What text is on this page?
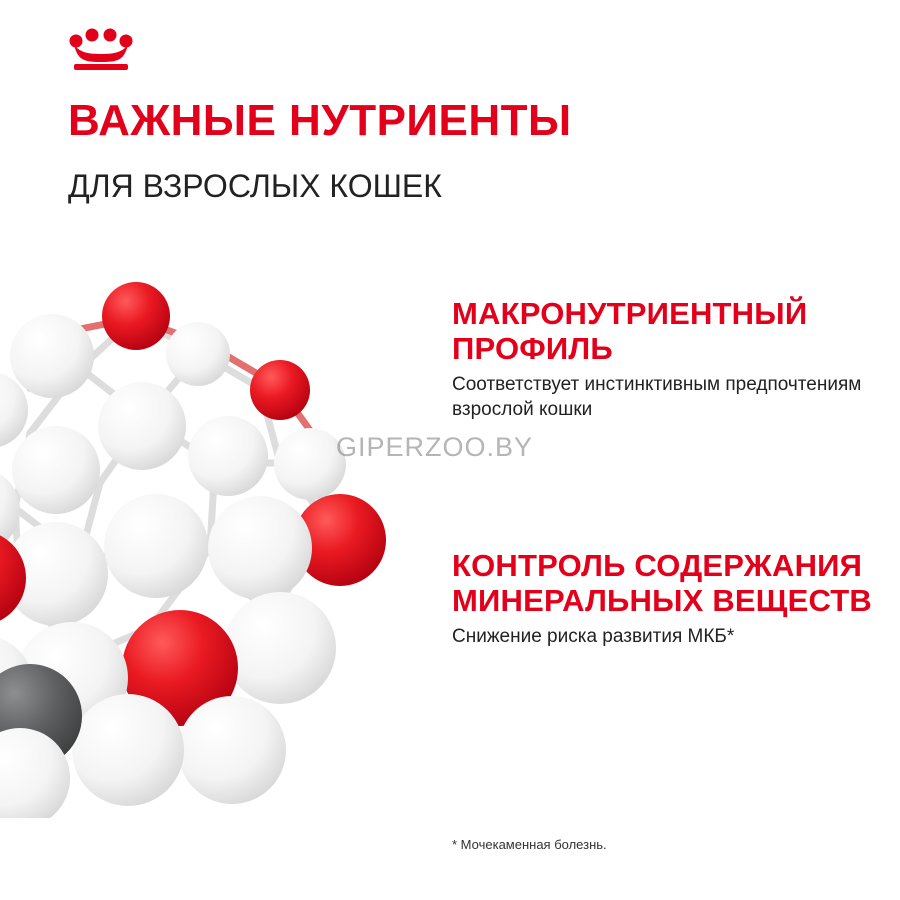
ВАЖНЫЕ НУТРИЕНТЫ
ДЛЯ ВЗРОСЛЫХ КОШЕК
GIPERZOO.BY
МАКРОНУТРИЕНТНЫЙ ПРОФИЛЬ
Соответствует инстинктивным предпочтениям взрослой кошки
КОНТРОЛЬ СОДЕРЖАНИЯ МИНЕРАЛЬНЫХ ВЕЩЕСТВ
Снижение риска развития МКБ*
* Мочекаменная болезнь.
